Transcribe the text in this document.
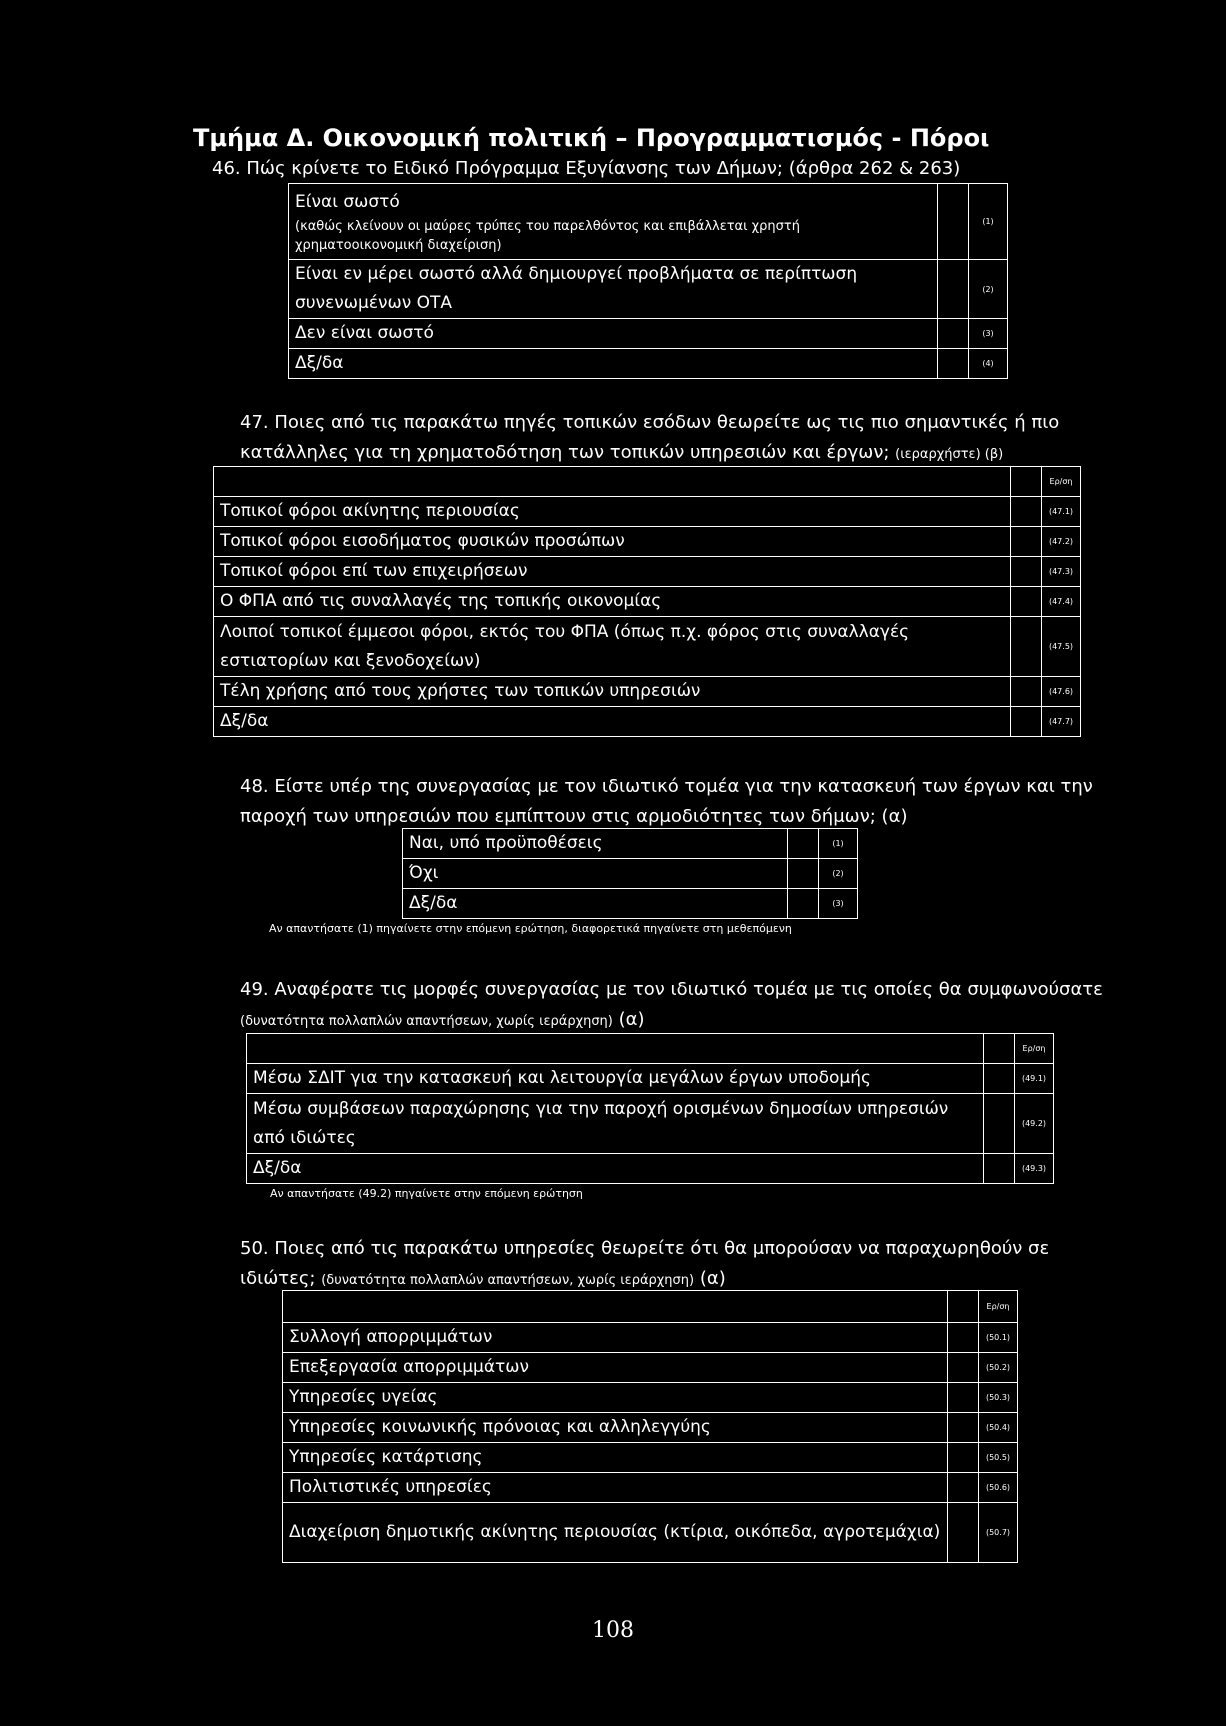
Τμήμα Δ. Οικονομική πολιτική – Προγραμματισμός - Πόροι
46. Πώς κρίνετε το Ειδικό Πρόγραμμα Εξυγίανσης των Δήμων; (άρθρα 262 & 263)
Είναι σωστό
(καθώς κλείνουν οι μαύρες τρύπες του παρελθόντος και επιβάλλεται χρηστή χρηματοοικονομική διαχείριση)		(1)
Είναι εν μέρει σωστό αλλά δημιουργεί προβλήματα σε περίπτωση συνενωμένων ΟΤΑ		(2)
Δεν είναι σωστό		(3)
Δξ/δα		(4)
47. Ποιες από τις παρακάτω πηγές τοπικών εσόδων θεωρείτε ως τις πιο σημαντικές ή πιο κατάλληλες για τη χρηματοδότηση των τοπικών υπηρεσιών και έργων; (ιεραρχήστε) (β)
		Ερ/ση
Τοπικοί φόροι ακίνητης περιουσίας		(47.1)
Τοπικοί φόροι εισοδήματος φυσικών προσώπων		(47.2)
Τοπικοί φόροι επί των επιχειρήσεων		(47.3)
Ο ΦΠΑ από τις συναλλαγές της τοπικής οικονομίας		(47.4)
Λοιποί τοπικοί έμμεσοι φόροι, εκτός του ΦΠΑ (όπως π.χ. φόρος στις συναλλαγές εστιατορίων και ξενοδοχείων)		(47.5)
Τέλη χρήσης από τους χρήστες των τοπικών υπηρεσιών		(47.6)
Δξ/δα		(47.7)
48. Είστε υπέρ της συνεργασίας με τον ιδιωτικό τομέα για την κατασκευή των έργων και την παροχή των υπηρεσιών που εμπίπτουν στις αρμοδιότητες των δήμων; (α)
Ναι, υπό προϋποθέσεις		(1)
Όχι		(2)
Δξ/δα		(3)
Αν απαντήσατε (1) πηγαίνετε στην επόμενη ερώτηση, διαφορετικά πηγαίνετε στη μεθεπόμενη
49. Αναφέρατε τις μορφές συνεργασίας με τον ιδιωτικό τομέα με τις οποίες θα συμφωνούσατε (δυνατότητα πολλαπλών απαντήσεων, χωρίς ιεράρχηση) (α)
		Ερ/ση
Μέσω ΣΔΙΤ για την κατασκευή και λειτουργία μεγάλων έργων υποδομής		(49.1)
Μέσω συμβάσεων παραχώρησης για την παροχή ορισμένων δημοσίων υπηρεσιών από ιδιώτες		(49.2)
Δξ/δα		(49.3)
Αν απαντήσατε (49.2) πηγαίνετε στην επόμενη ερώτηση
50. Ποιες από τις παρακάτω υπηρεσίες θεωρείτε ότι θα μπορούσαν να παραχωρηθούν σε ιδιώτες; (δυνατότητα πολλαπλών απαντήσεων, χωρίς ιεράρχηση) (α)
		Ερ/ση
Συλλογή απορριμμάτων		(50.1)
Επεξεργασία απορριμμάτων		(50.2)
Υπηρεσίες υγείας		(50.3)
Υπηρεσίες κοινωνικής πρόνοιας και αλληλεγγύης		(50.4)
Υπηρεσίες κατάρτισης		(50.5)
Πολιτιστικές υπηρεσίες		(50.6)
Διαχείριση δημοτικής ακίνητης περιουσίας (κτίρια, οικόπεδα, αγροτεμάχια)		(50.7)
108
